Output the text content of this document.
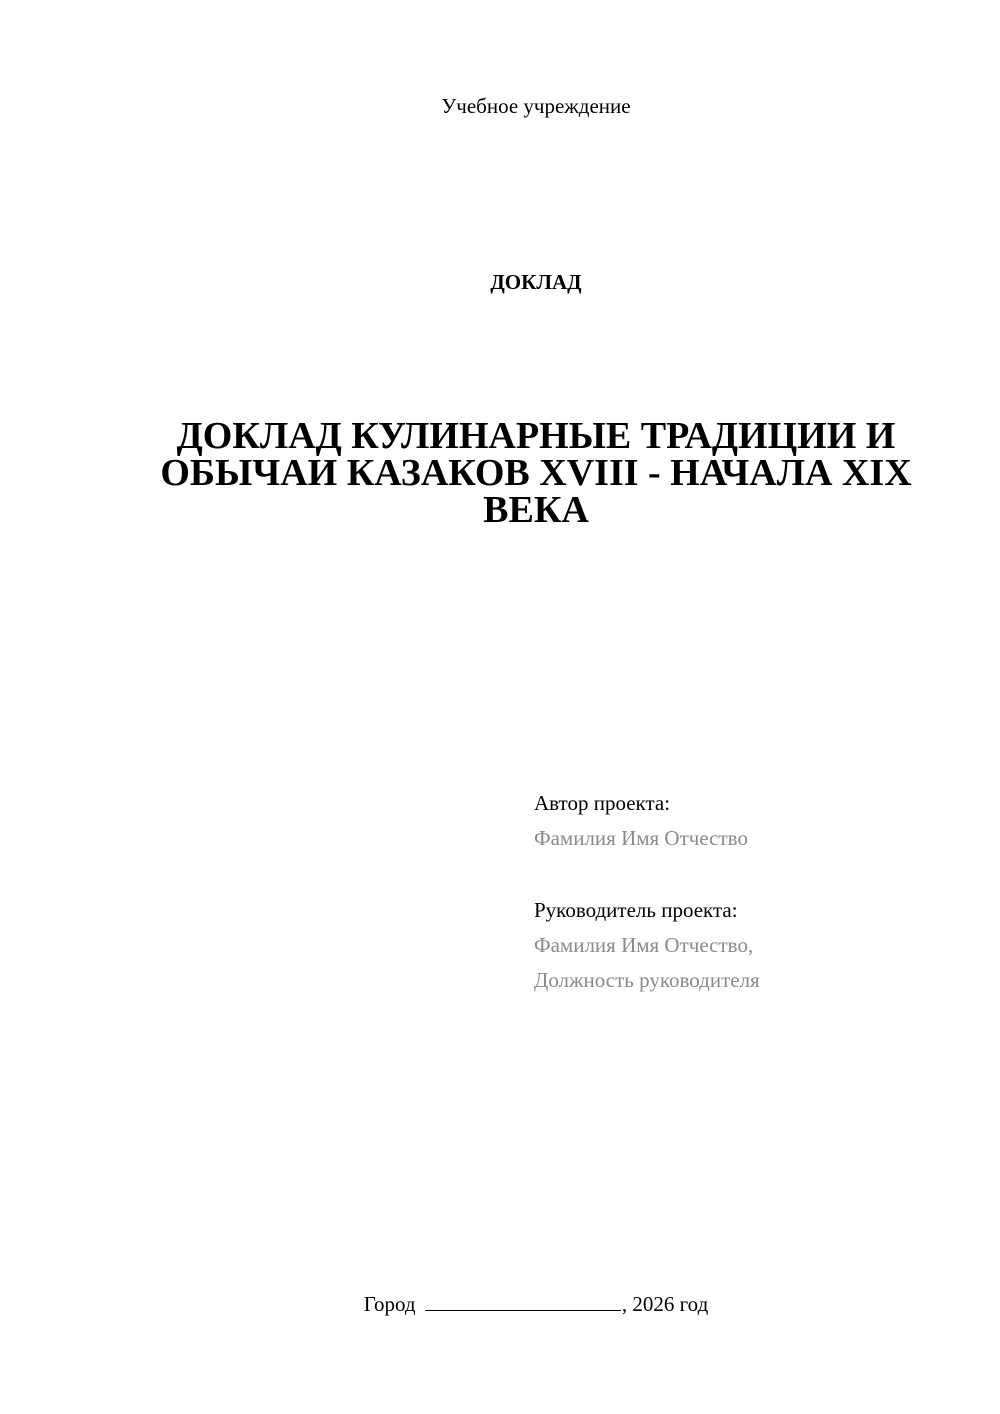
Учебное учреждение
ДОКЛАД
ДОКЛАД КУЛИНАРНЫЕ ТРАДИЦИИ И
ОБЫЧАИ КАЗАКОВ XVIII - НАЧАЛА XIX
ВЕКА
Автор проекта:
Фамилия Имя Отчество
Руководитель проекта:
Фамилия Имя Отчество,
Должность руководителя
Город	, 2026 год
